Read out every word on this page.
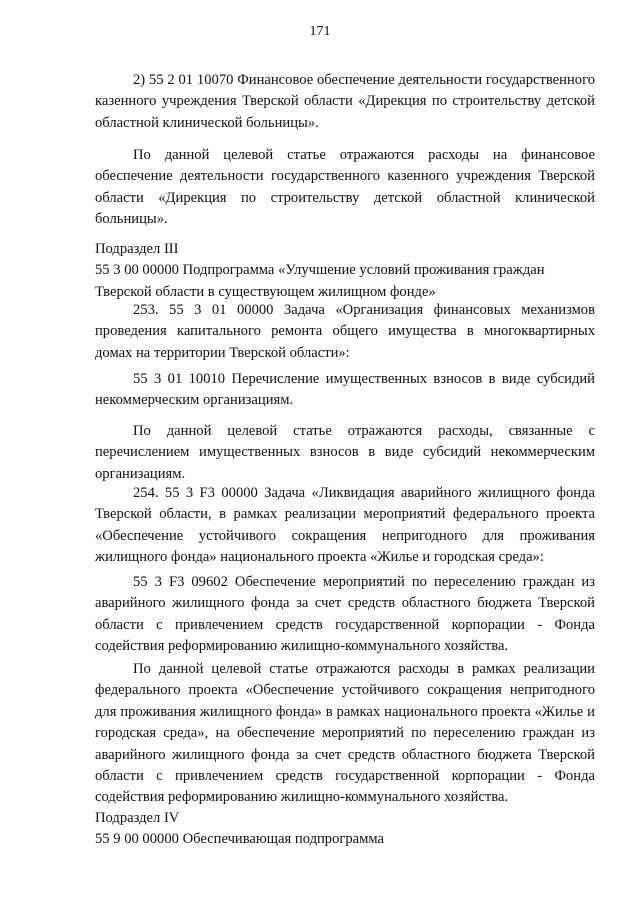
171

2) 55 2 01 10070 Финансовое обеспечение деятельности государственного казенного учреждения Тверской области «Дирекция по строительству детской областной клинической больницы».

По данной целевой статье отражаются расходы на финансовое обеспечение деятельности государственного казенного учреждения Тверской области «Дирекция по строительству детской областной клинической больницы».

Подраздел III

55 3 00 00000 Подпрограмма «Улучшение условий проживания граждан

Тверской области в существующем жилищном фонде»

253. 55 3 01 00000 Задача «Организация финансовых механизмов проведения капитального ремонта общего имущества в многоквартирных домах на территории Тверской области»:

55 3 01 10010 Перечисление имущественных взносов в виде субсидий некоммерческим организациям.

По данной целевой статье отражаются расходы, связанные с перечислением имущественных взносов в виде субсидий некоммерческим организациям.

254. 55 3 F3 00000 Задача «Ликвидация аварийного жилищного фонда Тверской области, в рамках реализации мероприятий федерального проекта «Обеспечение устойчивого сокращения непригодного для проживания жилищного фонда» национального проекта «Жилье и городская среда»:

55 3 F3 09602 Обеспечение мероприятий по переселению граждан из аварийного жилищного фонда за счет средств областного бюджета Тверской области с привлечением средств государственной корпорации - Фонда содействия реформированию жилищно-коммунального хозяйства.

По данной целевой статье отражаются расходы в рамках реализации федерального проекта «Обеспечение устойчивого сокращения непригодного для проживания жилищного фонда» в рамках национального проекта «Жилье и городская среда», на обеспечение мероприятий по переселению граждан из аварийного жилищного фонда за счет средств областного бюджета Тверской области с привлечением средств государственной корпорации - Фонда содействия реформированию жилищно-коммунального хозяйства.

Подраздел IV

55 9 00 00000 Обеспечивающая подпрограмма
